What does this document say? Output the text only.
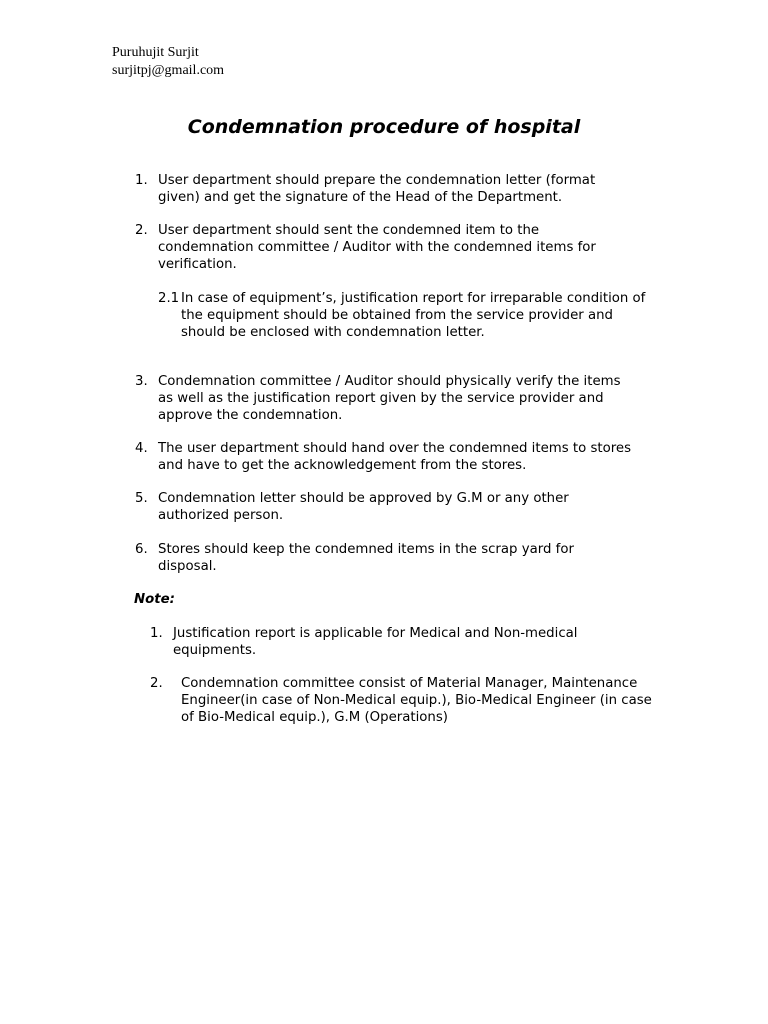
Puruhujit Surjit
surjitpj@gmail.com
Condemnation procedure of hospital
1. User department should prepare the condemnation letter (format given) and get the signature of the Head of the Department.
2. User department should sent the condemned item to the condemnation committee / Auditor with the condemned items for verification.
2.1 In case of equipment’s, justification report for irreparable condition of the equipment should be obtained from the service provider and should be enclosed with condemnation letter.
3. Condemnation committee / Auditor should physically verify the items as well as the justification report given by the service provider and approve the condemnation.
4. The user department should hand over the condemned items to stores and have to get the acknowledgement from the stores.
5. Condemnation letter should be approved by G.M or any other authorized person.
6. Stores should keep the condemned items in the scrap yard for disposal.
Note:
1. Justification report is applicable for Medical and Non-medical equipments.
2. Condemnation committee consist of Material Manager, Maintenance Engineer(in case of Non-Medical equip.), Bio-Medical Engineer (in case of Bio-Medical equip.), G.M (Operations)
